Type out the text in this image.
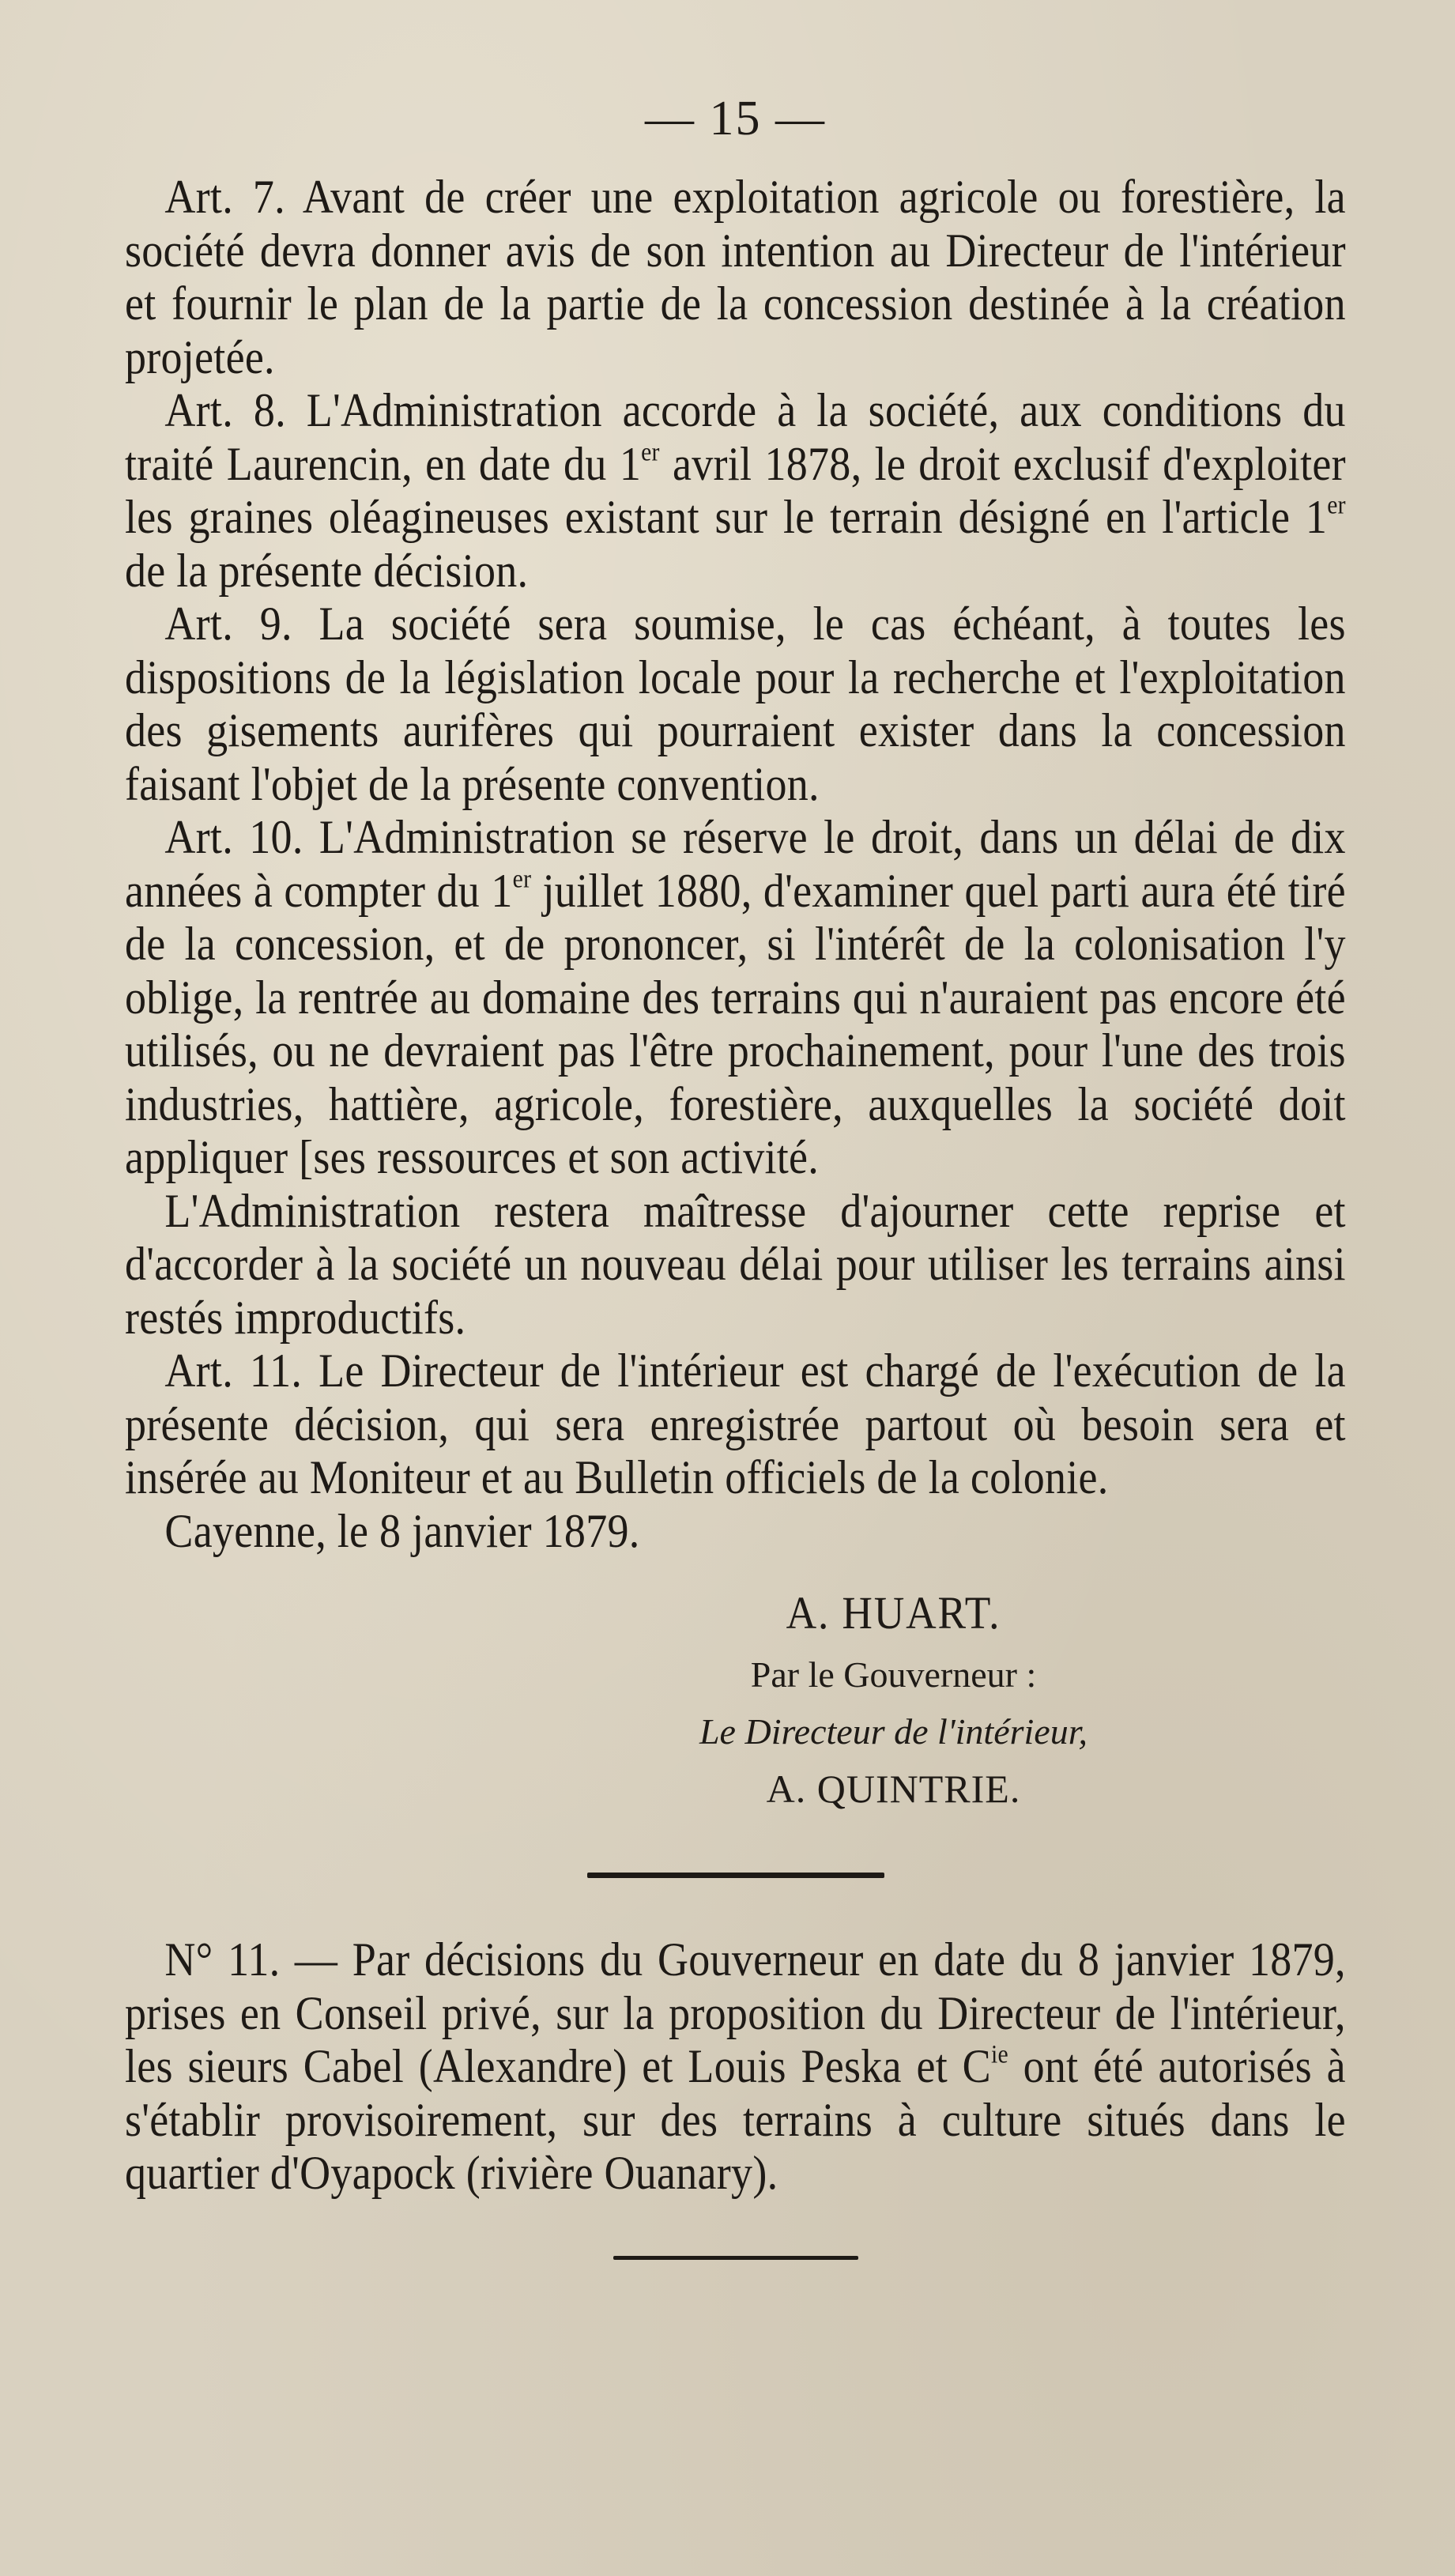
— 15 —

Art. 7. Avant de créer une exploitation agricole ou forestière, la société devra donner avis de son intention au Directeur de l'intérieur et fournir le plan de la partie de la concession destinée à la création projetée.

Art. 8. L'Administration accorde à la société, aux conditions du traité Laurencin, en date du 1er avril 1878, le droit exclusif d'exploiter les graines oléagineuses existant sur le terrain désigné en l'article 1er de la présente décision.

Art. 9. La société sera soumise, le cas échéant, à toutes les dispositions de la législation locale pour la recherche et l'exploitation des gisements aurifères qui pourraient exister dans la concession faisant l'objet de la présente convention.

Art. 10. L'Administration se réserve le droit, dans un délai de dix années à compter du 1er juillet 1880, d'examiner quel parti aura été tiré de la concession, et de prononcer, si l'intérêt de la colonisation l'y oblige, la rentrée au domaine des terrains qui n'auraient pas encore été utilisés, ou ne devraient pas l'être prochainement, pour l'une des trois industries, hattière, agricole, forestière, auxquelles la société doit appliquer [ses ressources et son activité.

L'Administration restera maîtresse d'ajourner cette reprise et d'accorder à la société un nouveau délai pour utiliser les terrains ainsi restés improductifs.

Art. 11. Le Directeur de l'intérieur est chargé de l'exécution de la présente décision, qui sera enregistrée partout où besoin sera et insérée au Moniteur et au Bulletin officiels de la colonie.

Cayenne, le 8 janvier 1879.

A. HUART.
Par le Gouverneur :
Le Directeur de l'intérieur,
A. QUINTRIE.

N° 11. — Par décisions du Gouverneur en date du 8 janvier 1879, prises en Conseil privé, sur la proposition du Directeur de l'intérieur, les sieurs Cabel (Alexandre) et Louis Peska et $C^{ie}$ ont été autorisés à s'établir provisoirement, sur des terrains à culture situés dans le quartier d'Oyapock (rivière Ouanary).
